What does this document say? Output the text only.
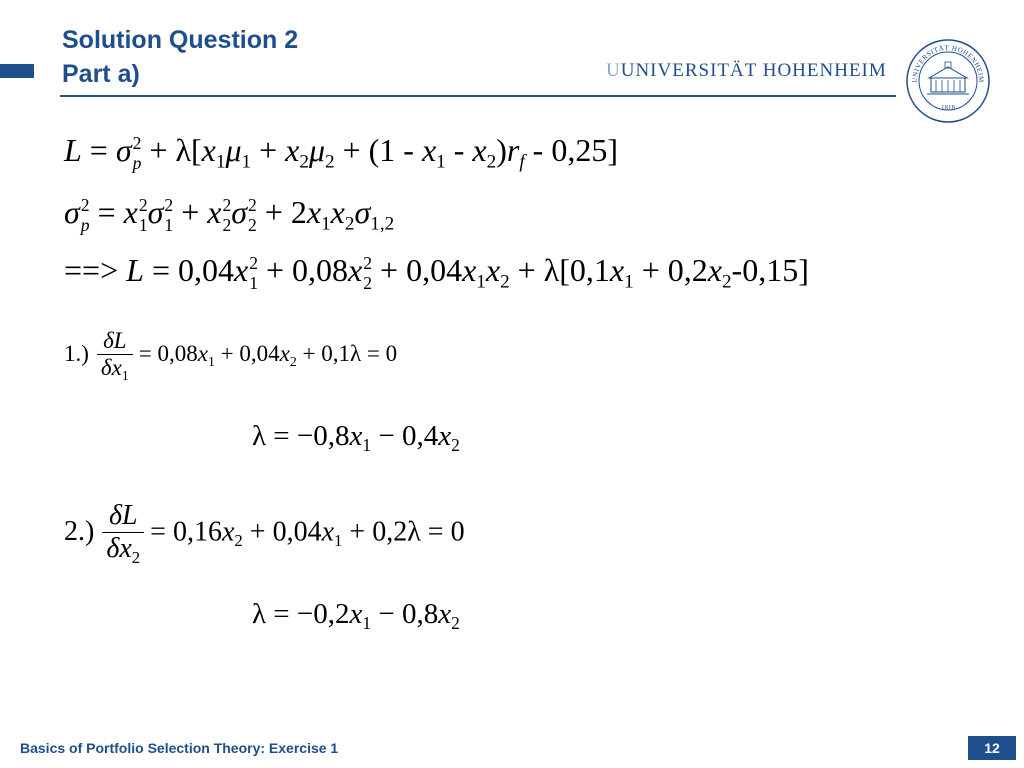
Solution Question 2
Part a)	UUNIVERSITÄT HOHENHEIM	UNIVERSITÄT HOHENHEIM
1818
L = σ 2
$p + \lambda[x_1\mu_1 + x_2\mu_2 + (1 - x_1 - x_2)r_f - 0,25]$
σ 2
p = x 2
1 σ 2
1 + x 2
2 σ 2
$2 + 2x_1x_2\sigma_{1,2}$
==> L = 0,04x 2
1 + 0,08x 2
$2 + 0,04x_1x_2 + \lambda[0,1x_1 + 0,2x_2-0,15]$
$1.) \frac{\delta L}{\delta x_1} = 0,08x_1 + 0,04x_2 + 0,1\lambda = 0$
$\lambda = -0,8x_1 - 0,4x_2$
$2.) \frac{\delta L}{\delta x_2} = 0,16x_2 + 0,04x_1 + 0,2\lambda = 0$
$\lambda = -0,2x_1 - 0,8x_2$
Basics of Portfolio Selection Theory: Exercise 1	12
